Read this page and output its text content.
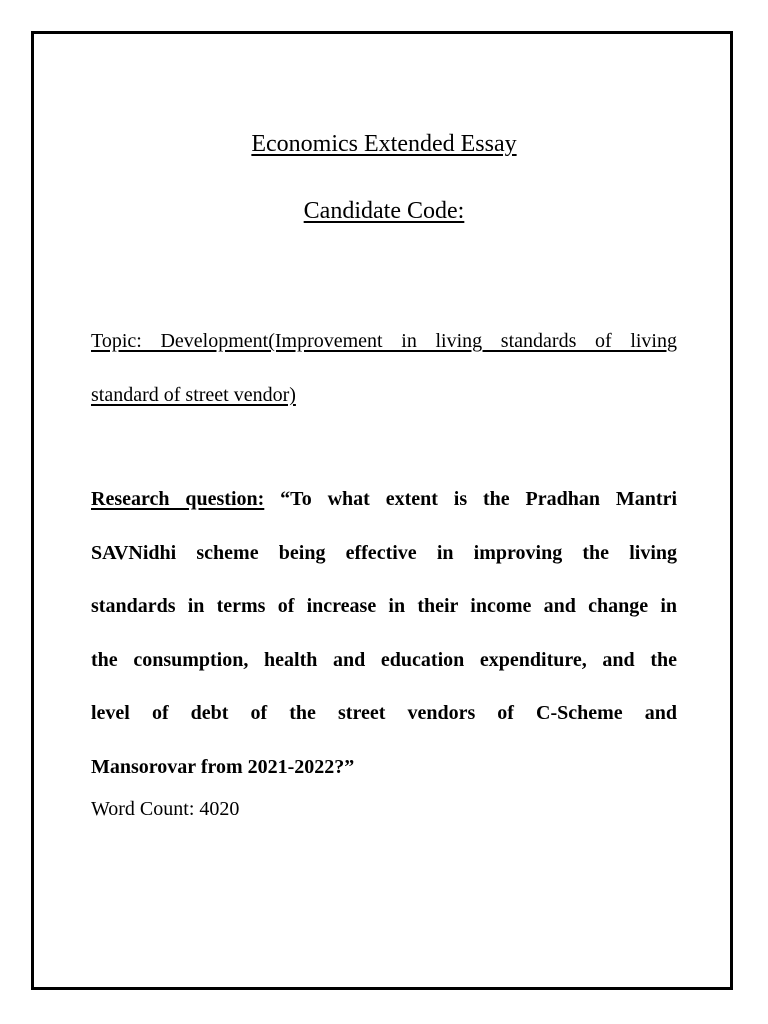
Economics Extended Essay
Candidate Code:

Topic: Development(Improvement in living standards of living
standard of street vendor)

Research question: “To what extent is the Pradhan Mantri
SAVNidhi scheme being effective in improving the living
standards in terms of increase in their income and change in
the consumption, health and education expenditure, and the
level of debt of the street vendors of C-Scheme and
Mansorovar from 2021-2022?”

Word Count: 4020
